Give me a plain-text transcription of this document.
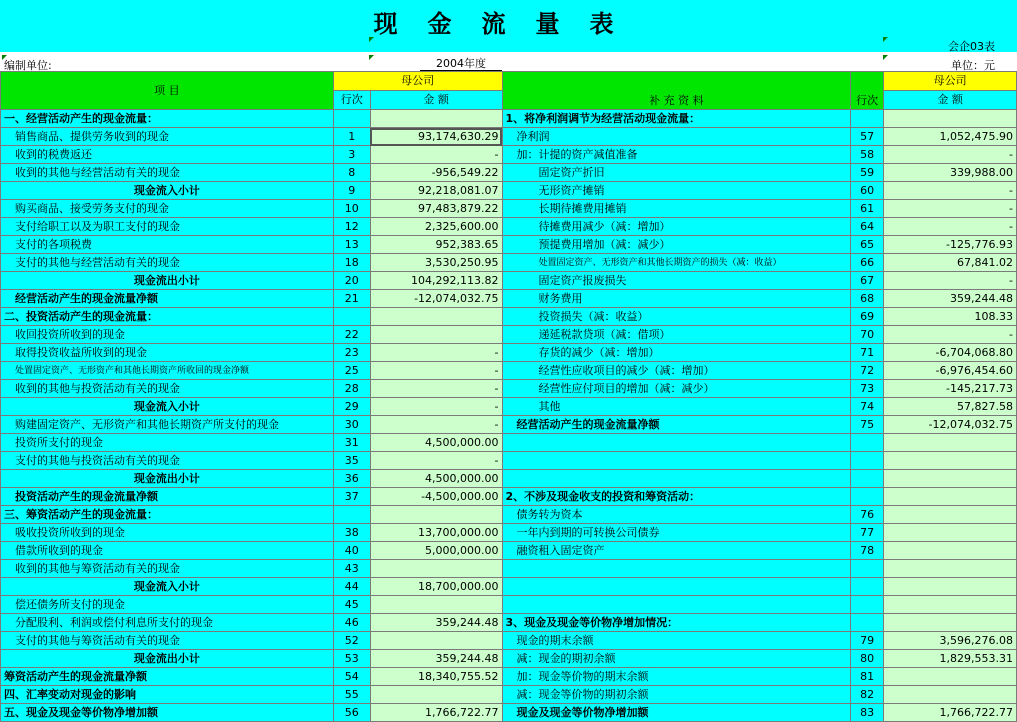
现金流量表
会企03表
编制单位:	2004年度	单位：元
项 目	母公司		补 充 资 料	行次	母公司
	行次	金 额			金 额
一、经营活动产生的现金流量：			1、将净利润调节为经营活动现金流量：		
销售商品、提供劳务收到的现金	1	93,174,630.29	净利润	57	1,052,475.90
收到的税费返还	3	-	加：计提的资产减值准备	58	-
收到的其他与经营活动有关的现金	8	-956,549.22	固定资产折旧	59	339,988.00
现金流入小计	9	92,218,081.07	无形资产摊销	60	-
购买商品、接受劳务支付的现金	10	97,483,879.22	长期待摊费用摊销	61	-
支付给职工以及为职工支付的现金	12	2,325,600.00	待摊费用减少（减：增加）	64	-
支付的各项税费	13	952,383.65	预提费用增加（减：减少）	65	-125,776.93
支付的其他与经营活动有关的现金	18	3,530,250.95	处置固定资产、无形资产和其他长期资产的损失（减：收益）	66	67,841.02
现金流出小计	20	104,292,113.82	固定资产报废损失	67	-
经营活动产生的现金流量净额	21	-12,074,032.75	财务费用	68	359,244.48
二、投资活动产生的现金流量：			投资损失（减：收益）	69	108.33
收回投资所收到的现金	22		递延税款贷项（减：借项）	70	-
取得投资收益所收到的现金	23	-	存货的减少（减：增加）	71	-6,704,068.80
处置固定资产、无形资产和其他长期资产所收回的现金净额	25	-	经营性应收项目的减少（减：增加）	72	-6,976,454.60
收到的其他与投资活动有关的现金	28	-	经营性应付项目的增加（减：减少）	73	-145,217.73
现金流入小计	29	-	其他	74	57,827.58
购建固定资产、无形资产和其他长期资产所支付的现金	30	-	经营活动产生的现金流量净额	75	-12,074,032.75
投资所支付的现金	31	4,500,000.00			
支付的其他与投资活动有关的现金	35	-			
现金流出小计	36	4,500,000.00			
投资活动产生的现金流量净额	37	-4,500,000.00	2、不涉及现金收支的投资和筹资活动：		
三、筹资活动产生的现金流量：			债务转为资本	76	
吸收投资所收到的现金	38	13,700,000.00	一年内到期的可转换公司债券	77	
借款所收到的现金	40	5,000,000.00	融资租入固定资产	78	
收到的其他与筹资活动有关的现金	43				
现金流入小计	44	18,700,000.00			
偿还债务所支付的现金	45				
分配股利、利润或偿付利息所支付的现金	46	359,244.48	3、现金及现金等价物净增加情况：		
支付的其他与筹资活动有关的现金	52		现金的期末余额	79	3,596,276.08
现金流出小计	53	359,244.48	减：现金的期初余额	80	1,829,553.31
筹资活动产生的现金流量净额	54	18,340,755.52	加：现金等价物的期末余额	81	
四、汇率变动对现金的影响	55		减：现金等价物的期初余额	82	
五、现金及现金等价物净增加额	56	1,766,722.77	现金及现金等价物净增加额	83	1,766,722.77
